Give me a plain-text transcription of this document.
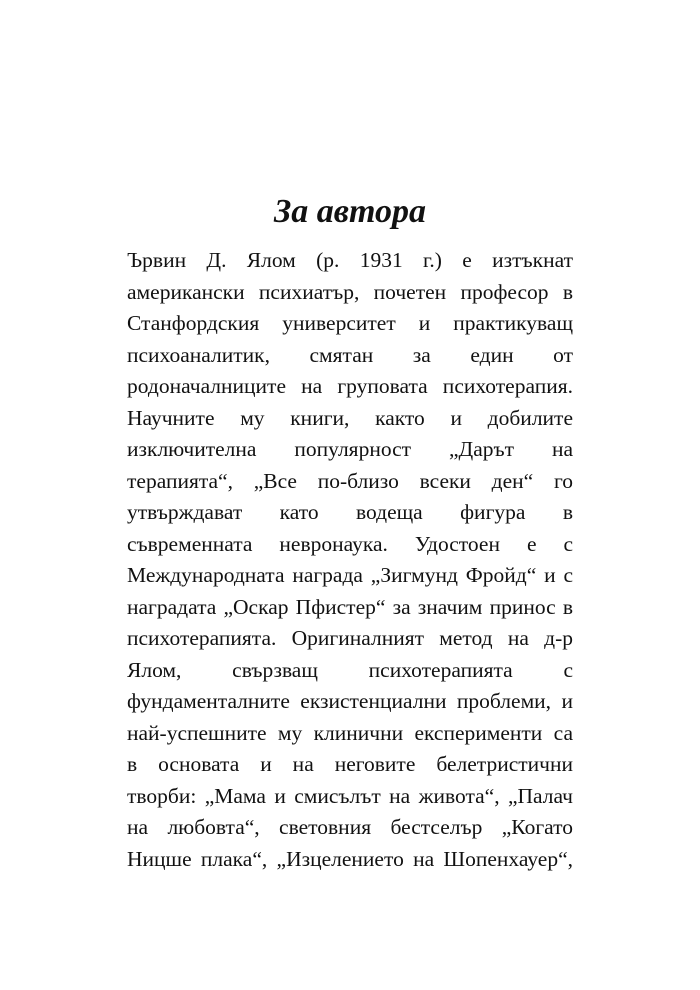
За автора
Ървин Д. Ялом (р. 1931 г.) е изтъкнат
американски психиатър, почетен професор в
Станфордския университет и практикуващ
психоаналитик, смятан за един от
родоначалниците на груповата психотерапия.
Научните му книги, както и добилите
изключителна популярност „Дарът на
терапията“, „Все по-близо всеки ден“ го
утвърждават като водеща фигура в
съвременната невронаука. Удостоен е с
Международната награда „Зигмунд Фройд“ и с
наградата „Оскар Пфистер“ за значим принос в
психотерапията. Оригиналният метод на д-р
Ялом, свързващ психотерапията с
фундаменталните екзистенциални проблеми, и
най-успешните му клинични експерименти са
в основата и на неговите белетристични
творби: „Мама и смисълът на живота“, „Палач
на любовта“, световния бестселър „Когато
Ницше плака“, „Изцелението на Шопенхауер“,
